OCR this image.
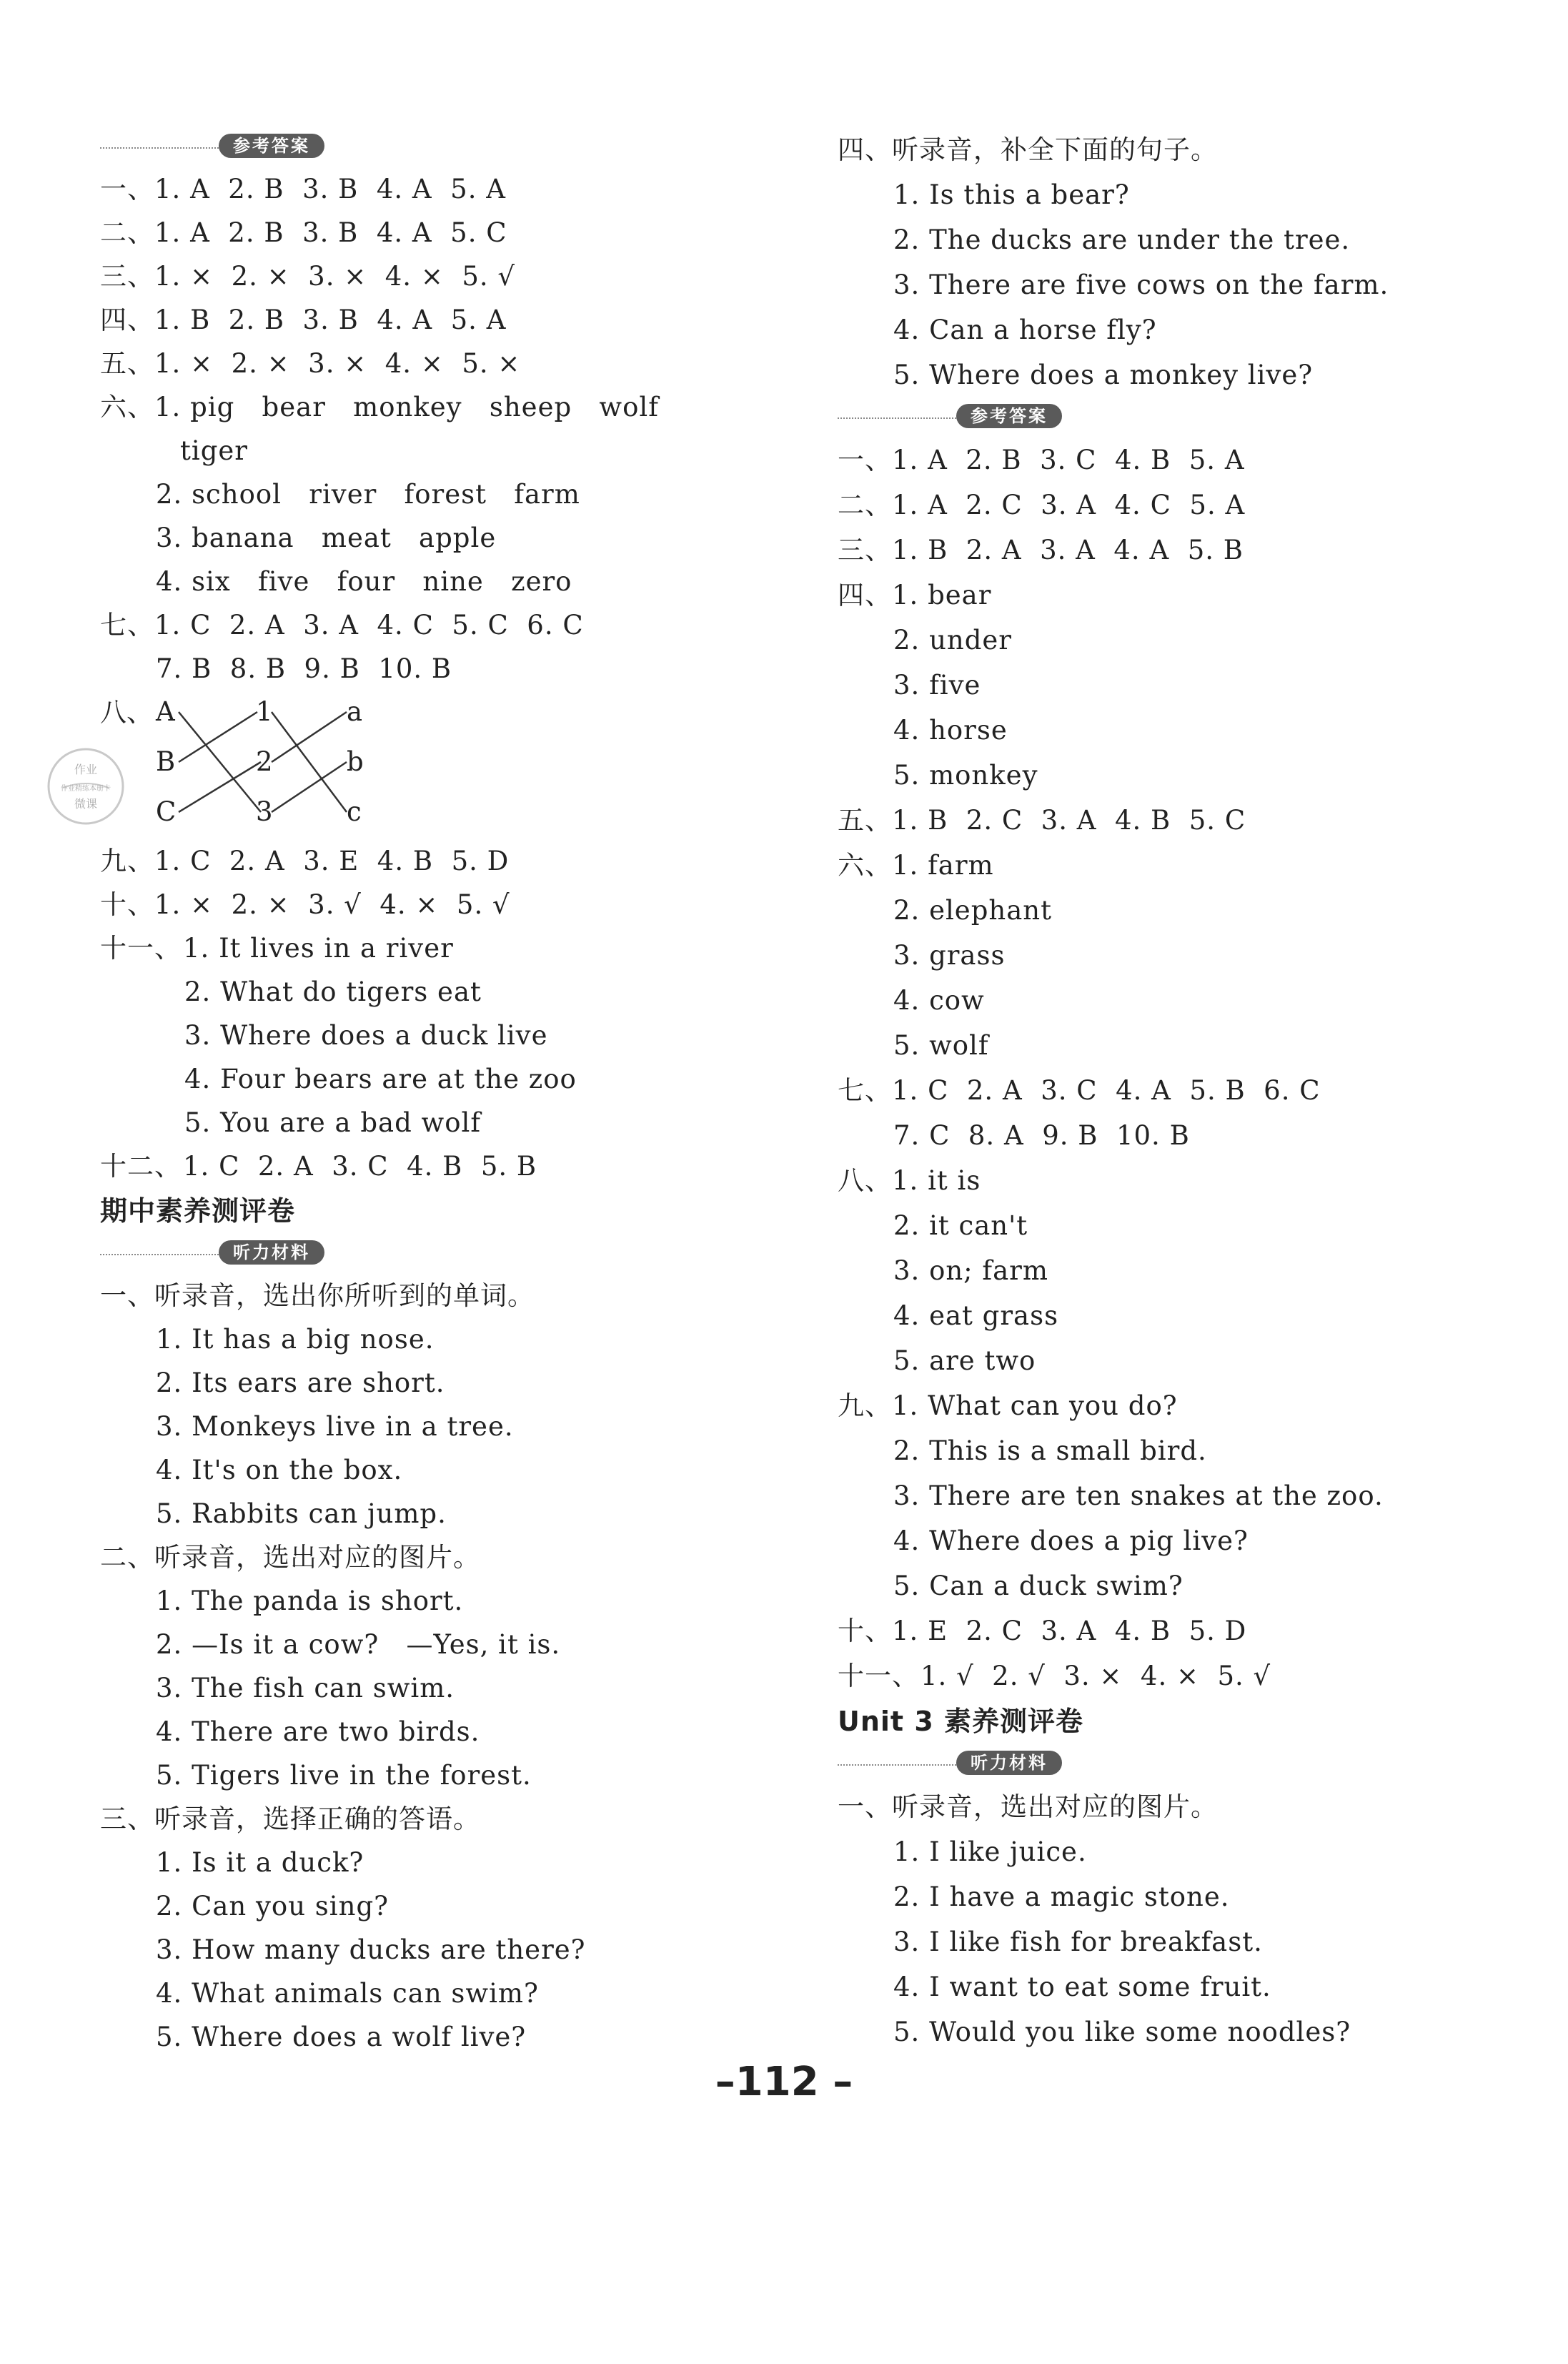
参考答案
一、1. A  2. B  3. B  4. A  5. A
二、1. A  2. B  3. B  4. A  5. C
三、1. ×  2. ×  3. ×  4. ×  5. √
四、1. B  2. B  3. B  4. A  5. A
五、1. ×  2. ×  3. ×  4. ×  5. ×
六、1. pig   bear   monkey   sheep   wolf
tiger
2. school   river   forest   farm
3. banana   meat   apple
4. six   five   four   nine   zero
七、1. C  2. A  3. A  4. C  5. C  6. C
7. B  8. B  9. B  10. B
八、 A
B
C
1
2
3
a
b
c
九、1. C  2. A  3. E  4. B  5. D
十、1. ×  2. ×  3. √  4. ×  5. √
十一、1. It lives in a river
2. What do tigers eat
3. Where does a duck live
4. Four bears are at the zoo
5. You are a bad wolf
十二、1. C  2. A  3. C  4. B  5. B
期中素养测评卷
听力材料
一、听录音，选出你所听到的单词。
1. It has a big nose.
2. Its ears are short.
3. Monkeys live in a tree.
4. It's on the box.
5. Rabbits can jump.
二、听录音，选出对应的图片。
1. The panda is short.
2. —Is it a cow?   —Yes, it is.
3. The fish can swim.
4. There are two birds.
5. Tigers live in the forest.
三、听录音，选择正确的答语。
1. Is it a duck?
2. Can you sing?
3. How many ducks are there?
4. What animals can swim?
5. Where does a wolf live?
作业
作业精练本册卡
微课
四、听录音，补全下面的句子。
1. Is this a bear?
2. The ducks are under the tree.
3. There are five cows on the farm.
4. Can a horse fly?
5. Where does a monkey live?
参考答案
一、1. A  2. B  3. C  4. B  5. A
二、1. A  2. C  3. A  4. C  5. A
三、1. B  2. A  3. A  4. A  5. B
四、1. bear
2. under
3. five
4. horse
5. monkey
五、1. B  2. C  3. A  4. B  5. C
六、1. farm
2. elephant
3. grass
4. cow
5. wolf
七、1. C  2. A  3. C  4. A  5. B  6. C
7. C  8. A  9. B  10. B
八、1. it is
2. it can't
3. on; farm
4. eat grass
5. are two
九、1. What can you do?
2. This is a small bird.
3. There are ten snakes at the zoo.
4. Where does a pig live?
5. Can a duck swim?
十、1. E  2. C  3. A  4. B  5. D
十一、1. √  2. √  3. ×  4. ×  5. √
Unit 3 素养测评卷
听力材料
一、听录音，选出对应的图片。
1. I like juice.
2. I have a magic stone.
3. I like fish for breakfast.
4. I want to eat some fruit.
5. Would you like some noodles?
–112 –
